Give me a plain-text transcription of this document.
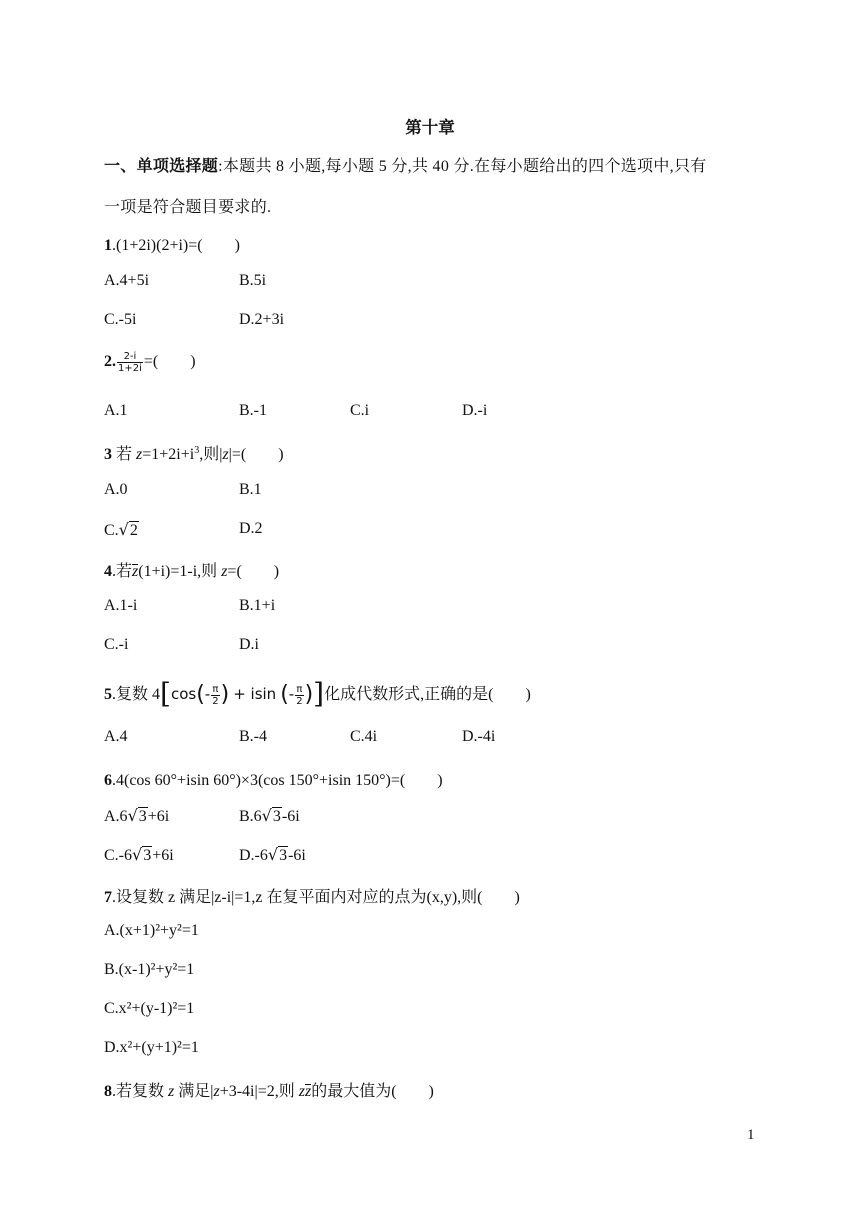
第十章
一、单项选择题:本题共 8 小题,每小题 5 分,共 40 分.在每小题给出的四个选项中,只有
一项是符合题目要求的.
1.(1+2i)(2+i)=(　　)
A.4+5i	B.5i
C.-5i	D.2+3i
2. $\frac{2-i}{1+2i}$ =(　　)
A.1	B.-1	C.i	D.-i
3 若 $z=1+2i+i^3$,则|z|=(　　)
A.0	B.1
C.√2	D.2
4.若z(1+i)=1-i,则 z=(　　)
A.1-i	B.1+i
C.-i	D.i
5.复数 $4[\cos(- \frac{\pi}{2}$ ) + isin (- $\frac{\pi}{2}$ )]化成代数形式,正确的是(　　)
A.4	B.-4	C.4i	D.-4i
6.4(cos 60°+isin 60°)×3(cos 150°+isin 150°)=(　　)
A.6√3+6i	B.6√3-6i
C.-6√3+6i	D.-6√3-6i
7.设复数 z 满足|z-i|=1,z 在复平面内对应的点为(x,y),则(　　)
A.(x+1)²+y²=1
B.(x-1)²+y²=1
C.x²+(y-1)²=1
D.x²+(y+1)²=1
8.若复数 z 满足|z+3-4i|=2,则 zz的最大值为(　　)
1
